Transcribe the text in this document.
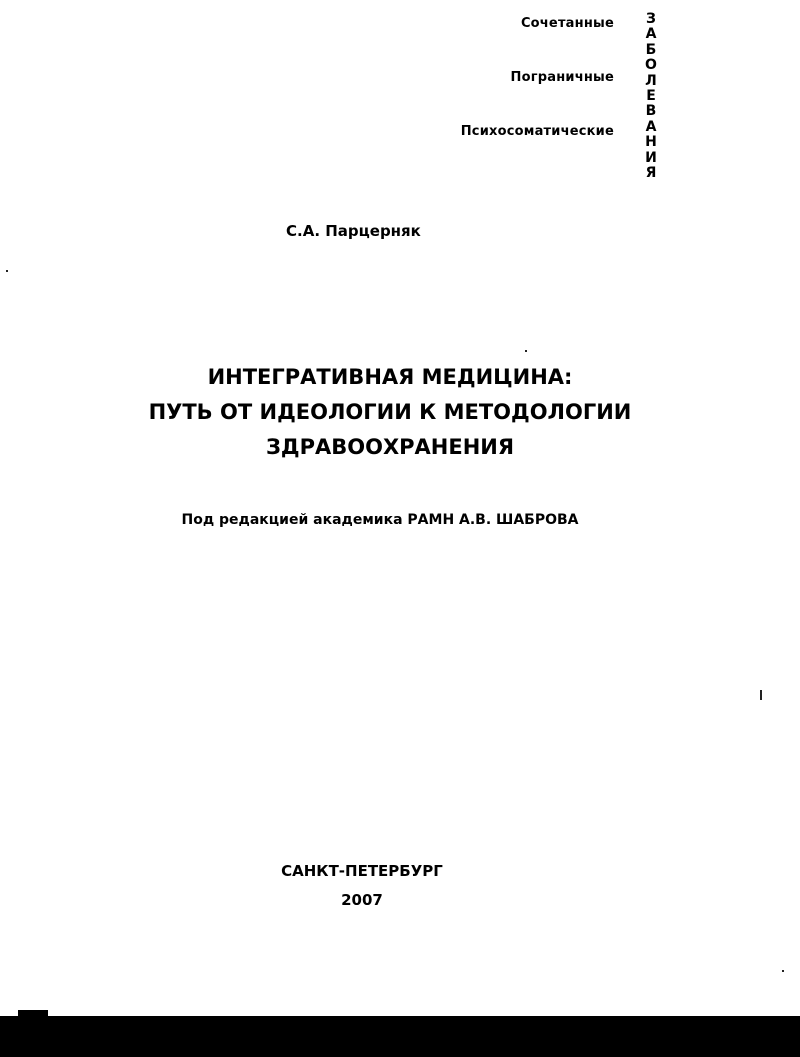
Сочетанные
Пограничные
Психосоматические
З
А
Б
О
Л
Е
В
А
Н
И
Я
С.А. Парцерняк
ИНТЕГРАТИВНАЯ МЕДИЦИНА:
ПУТЬ ОТ ИДЕОЛОГИИ К МЕТОДОЛОГИИ
ЗДРАВООХРАНЕНИЯ
Под редакцией академика РАМН А.В. ШАБРОВА
САНКТ-ПЕТЕРБУРГ
2007
